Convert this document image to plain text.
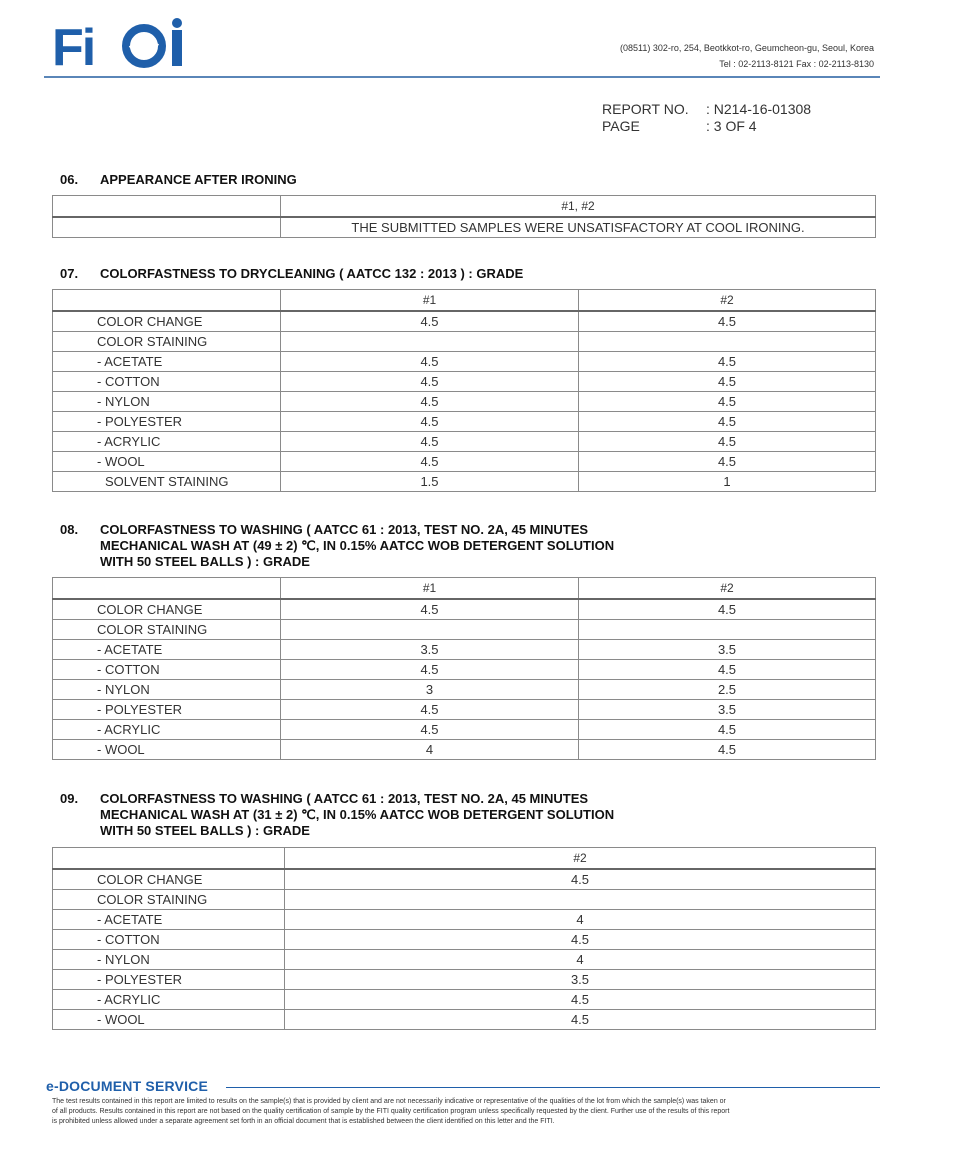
Fi	(08511) 302-ro, 254, Beotkkot-ro, Geumcheon-gu, Seoul, Korea
Tel : 02-2113-8121 Fax : 02-2113-8130
REPORT NO.	: N214-16-01308
PAGE	: 3 OF 4
06.	APPEARANCE AFTER IRONING
	#1, #2
	THE SUBMITTED SAMPLES WERE UNSATISFACTORY AT COOL IRONING.
07.	COLORFASTNESS TO DRYCLEANING ( AATCC 132 : 2013 ) : GRADE
	#1	#2
COLOR CHANGE	4.5	4.5
COLOR STAINING		
- ACETATE	4.5	4.5
- COTTON	4.5	4.5
- NYLON	4.5	4.5
- POLYESTER	4.5	4.5
- ACRYLIC	4.5	4.5
- WOOL	4.5	4.5
SOLVENT STAINING	1.5	1
08.	COLORFASTNESS TO WASHING ( AATCC 61 : 2013, TEST NO. 2A, 45 MINUTES
MECHANICAL WASH AT (49 ± 2) ℃, IN 0.15% AATCC WOB DETERGENT SOLUTION
WITH 50 STEEL BALLS ) : GRADE
	#1	#2
COLOR CHANGE	4.5	4.5
COLOR STAINING		
- ACETATE	3.5	3.5
- COTTON	4.5	4.5
- NYLON	3	2.5
- POLYESTER	4.5	3.5
- ACRYLIC	4.5	4.5
- WOOL	4	4.5
09.	COLORFASTNESS TO WASHING ( AATCC 61 : 2013, TEST NO. 2A, 45 MINUTES
MECHANICAL WASH AT (31 ± 2) ℃, IN 0.15% AATCC WOB DETERGENT SOLUTION
WITH 50 STEEL BALLS ) : GRADE
	#2
COLOR CHANGE	4.5
COLOR STAINING	
- ACETATE	4
- COTTON	4.5
- NYLON	4
- POLYESTER	3.5
- ACRYLIC	4.5
- WOOL	4.5
e-DOCUMENT SERVICE
The test results contained in this report are limited to results on the sample(s) that is provided by client and are not necessarily indicative or representative of the qualities of the lot from which the sample(s) was taken or of all products. Results contained in this report are not based on the quality certification of sample by the FITI quality certification program unless specifically requested by the client. Further use of the results of this report is prohibited unless allowed under a separate agreement set forth in an official document that is established between the client identified on this letter and the FITI.
